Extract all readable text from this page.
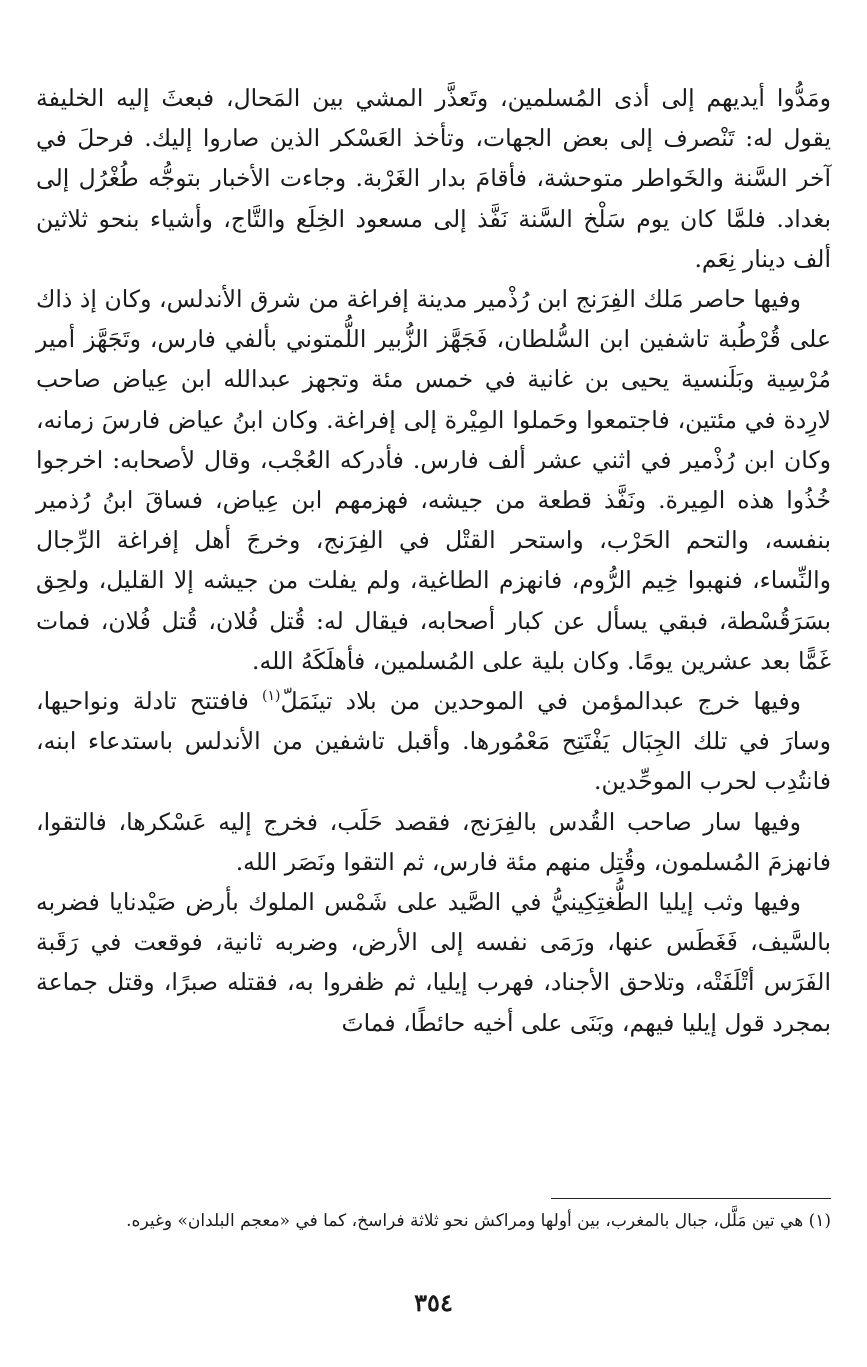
ومَدُّوا أيديهم إلى أذى المُسلمين، وتَعذَّر المشي بين المَحال، فبعثَ إليه الخليفة يقول له: تَنْصرف إلى بعض الجهات، وتأخذ العَسْكر الذين صاروا إليك. فرحلَ في آخر السَّنة والخَواطر متوحشة، فأقامَ بدار الغَرْبة. وجاءت الأخبار بتوجُّه طُغْرُل إلى بغداد. فلمَّا كان يوم سَلْخ السَّنة نَفَّذ إلى مسعود الخِلَع والتَّاج، وأشياء بنحو ثلاثين ألف دينار نِعَم.

وفيها حاصر مَلك الفِرَنج ابن رُذْمير مدينة إفراغة من شرق الأندلس، وكان إذ ذاك على قُرْطُبة تاشفين ابن السُّلطان، فَجَهَّز الزُّبير اللُّمتوني بألفي فارس، وتَجَهَّز أمير مُرْسِية وبَلَنسية يحيى بن غانية في خمس مئة وتجهز عبدالله ابن عِياض صاحب لارِدة في مئتين، فاجتمعوا وحَملوا المِيْرة إلى إفراغة. وكان ابنُ عياض فارسَ زمانه، وكان ابن رُذْمير في اثني عشر ألف فارس. فأدركه العُجْب، وقال لأصحابه: اخرجوا خُذُوا هذه المِيرة. ونَفَّذ قطعة من جيشه، فهزمهم ابن عِياض، فساقَ ابنُ رُذمير بنفسه، والتحم الحَرْب، واستحر القتْل في الفِرَنج، وخرجَ أهل إفراغة الرِّجال والنِّساء، فنهبوا خِيم الرُّوم، فانهزم الطاغية، ولم يفلت من جيشه إلا القليل، ولحِق بسَرَقُسْطة، فبقي يسأل عن كبار أصحابه، فيقال له: قُتل فُلان، قُتل فُلان، فمات غَمًّا بعد عشرين يومًا. وكان بلية على المُسلمين، فأهلَكَهُ الله.

وفيها خرج عبدالمؤمن في الموحدين من بلاد تينَمَلّ$^{(١)}$ فافتتح تادلة ونواحيها، وسارَ في تلك الجِبَال يَفْتَتِح مَعْمُورها. وأقبل تاشفين من الأندلس باستدعاء ابنه، فانتُدِب لحرب الموحِّدين.

وفيها سار صاحب القُدس بالفِرَنج، فقصد حَلَب، فخرج إليه عَسْكرها، فالتقوا، فانهزمَ المُسلمون، وقُتِل منهم مئة فارس، ثم التقوا ونَصَر الله.

وفيها وثب إيليا الطُّغتِكِينيُّ في الصَّيد على شَمْس الملوك بأرض صَيْدنايا فضربه بالسَّيف، فَغَطَس عنها، ورَمَى نفسه إلى الأرض، وضربه ثانية، فوقعت في رَقَبة الفَرَس أتْلَفَتْه، وتلاحق الأجناد، فهرب إيليا، ثم ظفروا به، فقتله صبرًا، وقتل جماعة بمجرد قول إيليا فيهم، وبَنَى على أخيه حائطًا، فماتَ

(١) هي تين مَلَّل، جبال بالمغرب، بين أولها ومراكش نحو ثلاثة فراسخ، كما في «معجم البلدان» وغيره.
٣٥٤
